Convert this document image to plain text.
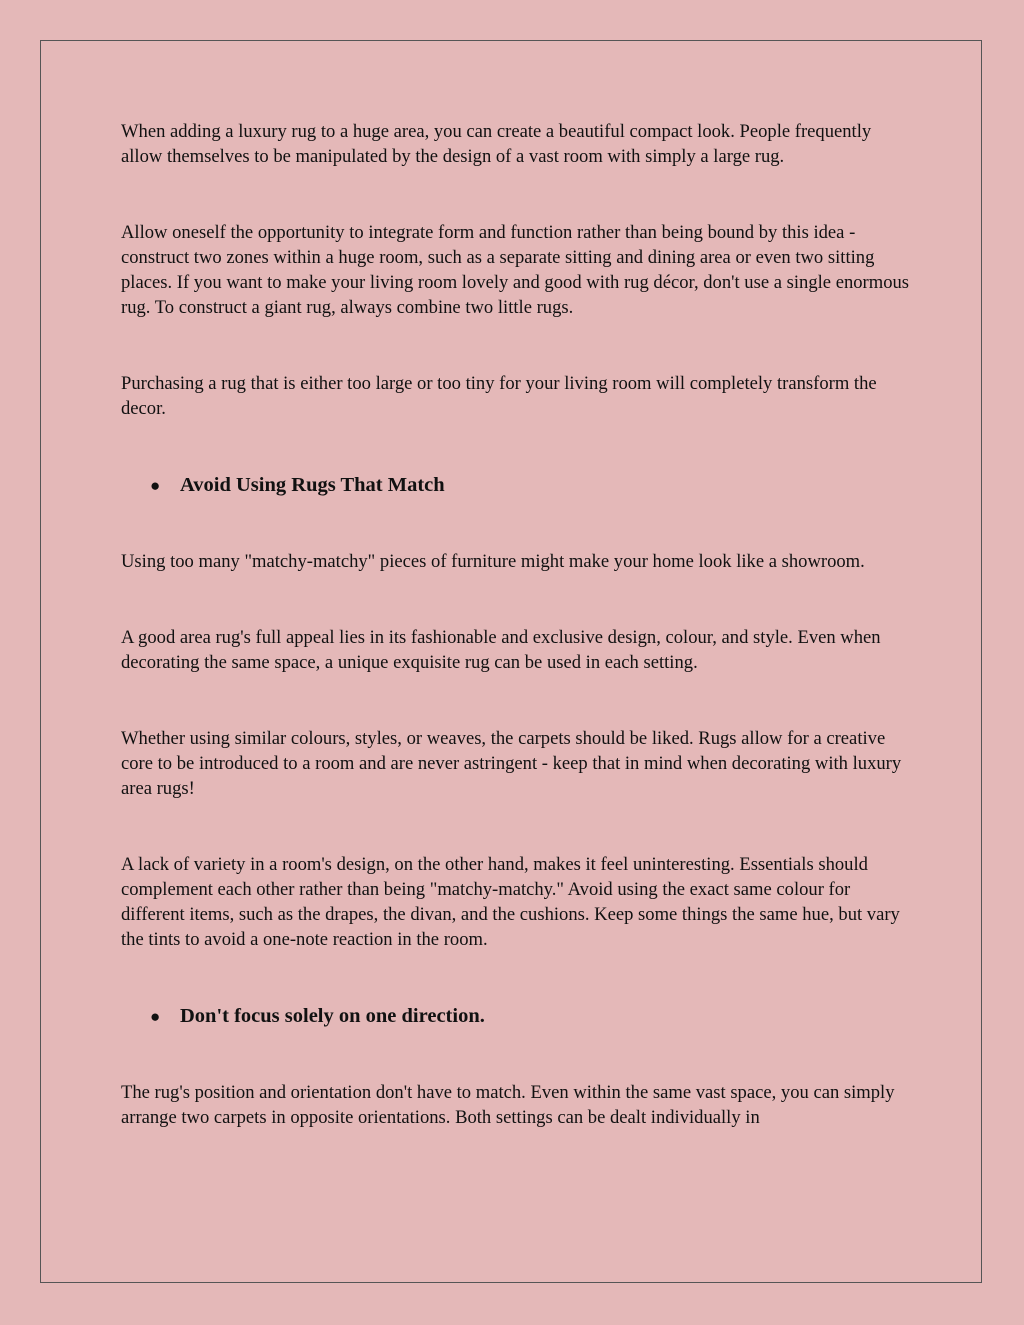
When adding a luxury rug to a huge area, you can create a beautiful compact look. People frequently allow themselves to be manipulated by the design of a vast room with simply a large rug.

Allow oneself the opportunity to integrate form and function rather than being bound by this idea - construct two zones within a huge room, such as a separate sitting and dining area or even two sitting places. If you want to make your living room lovely and good with rug décor, don't use a single enormous rug. To construct a giant rug, always combine two little rugs.

Purchasing a rug that is either too large or too tiny for your living room will completely transform the decor.

● Avoid Using Rugs That Match

Using too many "matchy-matchy" pieces of furniture might make your home look like a showroom.

A good area rug's full appeal lies in its fashionable and exclusive design, colour, and style. Even when decorating the same space, a unique exquisite rug can be used in each setting.

Whether using similar colours, styles, or weaves, the carpets should be liked. Rugs allow for a creative core to be introduced to a room and are never astringent - keep that in mind when decorating with luxury area rugs!

A lack of variety in a room's design, on the other hand, makes it feel uninteresting. Essentials should complement each other rather than being "matchy-matchy." Avoid using the exact same colour for different items, such as the drapes, the divan, and the cushions. Keep some things the same hue, but vary the tints to avoid a one-note reaction in the room.

● Don't focus solely on one direction.

The rug's position and orientation don't have to match. Even within the same vast space, you can simply arrange two carpets in opposite orientations. Both settings can be dealt individually in
